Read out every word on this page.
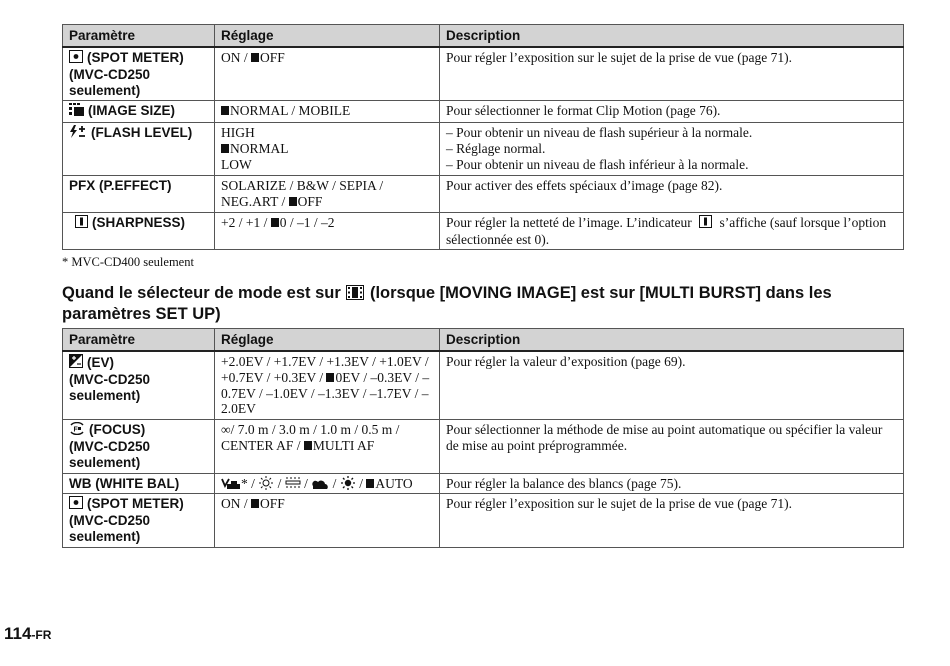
Paramètre	Réglage	Description
(SPOT METER)
(MVC-CD250
seulement)	ON / OFF	Pour régler l’exposition sur le sujet de la prise de vue (page 71).
(IMAGE SIZE)	NORMAL / MOBILE	Pour sélectionner le format Clip Motion (page 76).
(FLASH LEVEL)	HIGH
NORMAL
LOW	– Pour obtenir un niveau de flash supérieur à la normale.
– Réglage normal.
– Pour obtenir un niveau de flash inférieur à la normale.

PFX (P.EFFECT)	SOLARIZE / B&W / SEPIA /
NEG.ART / OFF	Pour activer des effets spéciaux d’image (page 82).
(SHARPNESS)	+2 / +1 / 0 / –1 / –2	Pour régler la netteté de l’image. L’indicateur  s’affiche (sauf lorsque l’option sélectionnée est 0).
* MVC-CD400 seulement
Quand le sélecteur de mode est sur  (lorsque [MOVING IMAGE] est sur [MULTI BURST] dans les paramètres SET UP)
Paramètre	Réglage	Description
(EV)
(MVC-CD250
seulement)	+2.0EV / +1.7EV / +1.3EV / +1.0EV / +0.7EV / +0.3EV / 0EV / –0.3EV / –0.7EV / –1.0EV / –1.3EV / –1.7EV / –2.0EV	Pour régler la valeur d’exposition (page 69).

F (FOCUS)
(MVC-CD250
seulement)	∞/ 7.0 m / 3.0 m / 1.0 m / 0.5 m / CENTER AF / MULTI AF	Pour sélectionner la méthode de mise au point automatique ou spécifier la valeur de mise au point préprogrammée.
WB (WHITE BAL)	* /  /  /  /  / AUTO	Pour régler la balance des blancs (page 75).
(SPOT METER)
(MVC-CD250
seulement)	ON / OFF	Pour régler l’exposition sur le sujet de la prise de vue (page 71).
114-FR
